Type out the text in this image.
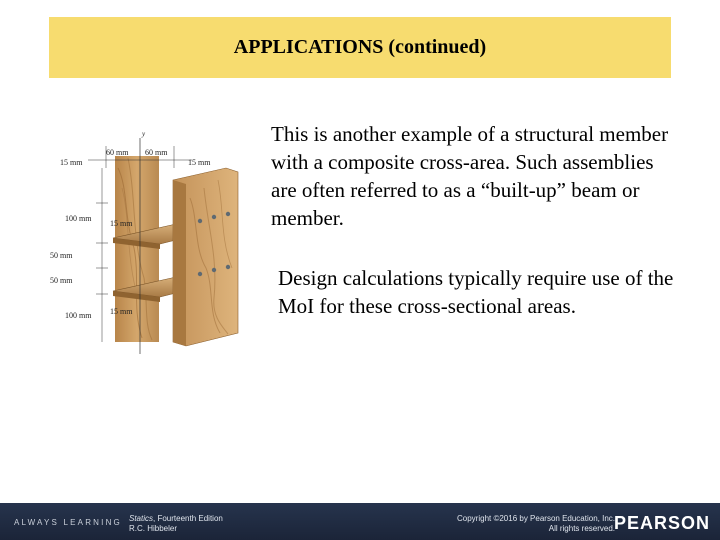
APPLICATIONS (continued)

This is another example of a structural member with a composite cross-area. Such assemblies are often referred to as a “built-up” beam or member.

Design calculations typically require use of the MoI for these cross-sectional areas.

y
60 mm 60 mm
15 mm	15 mm
100 mm
50 mm
50 mm
100 mm
15 mm
15 mm
ALWAYS LEARNING Statics, Fourteenth Edition
R.C. Hibbeler
Copyright ©2016 by Pearson Education, Inc.
All rights reserved.
PEARSON
